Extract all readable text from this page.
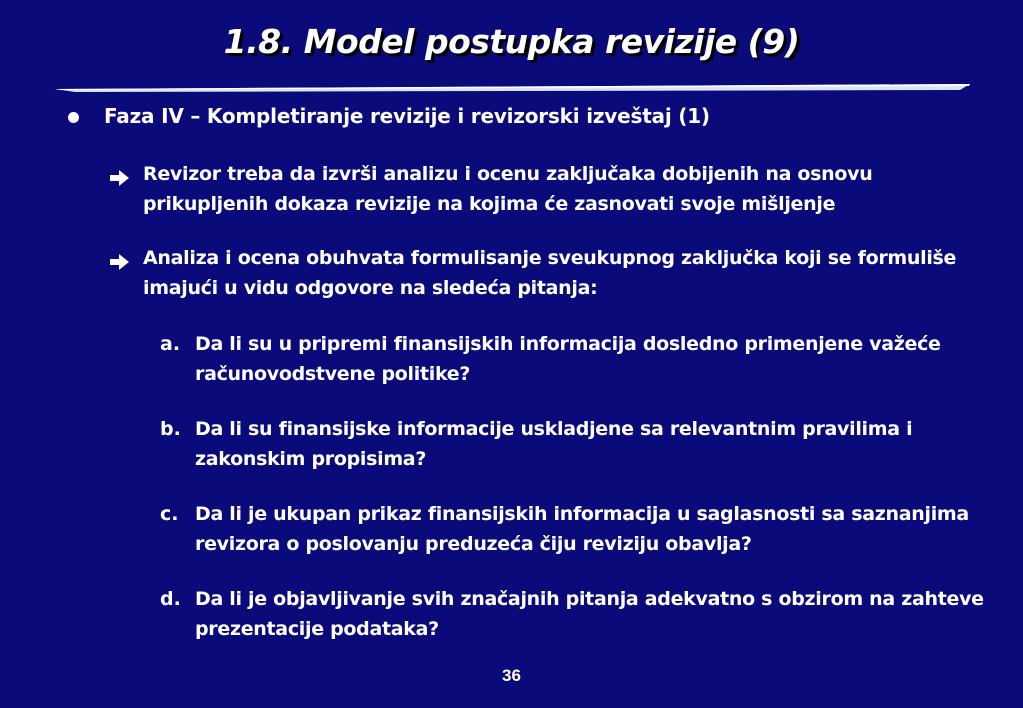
1.8. Model postupka revizije (9)
Faza IV – Kompletiranje revizije i revizorski izveštaj (1)

Revizor treba da izvrši analizu i ocenu zaključaka dobijenih na osnovu prikupljenih dokaza revizije na kojima će zasnovati svoje mišljenje

Analiza i ocena obuhvata formulisanje sveukupnog zaključka koji se formuliše imajući u vidu odgovore na sledeća pitanja:

a. Da li su u pripremi finansijskih informacija dosledno primenjene važeće računovodstvene politike?

b. Da li su finansijske informacije uskladjene sa relevantnim pravilima i zakonskim propisima?

c. Da li je ukupan prikaz finansijskih informacija u saglasnosti sa saznanjima revizora o poslovanju preduzeća čiju reviziju obavlja?

d. Da li je objavljivanje svih značajnih pitanja adekvatno s obzirom na zahteve prezentacije podataka?

36
